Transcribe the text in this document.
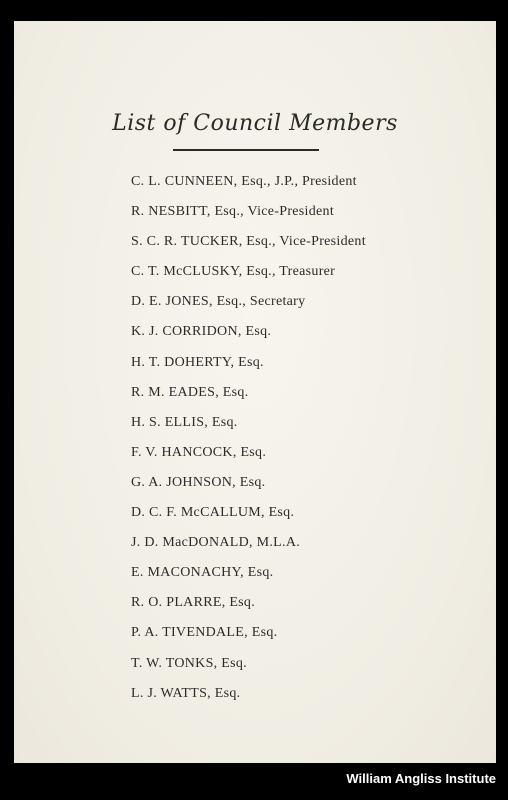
List of Council Members
C. L. CUNNEEN, Esq., J.P., President
R. NESBITT, Esq., Vice-President
S. C. R. TUCKER, Esq., Vice-President
C. T. McCLUSKY, Esq., Treasurer
D. E. JONES, Esq., Secretary
K. J. CORRIDON, Esq.
H. T. DOHERTY, Esq.
R. M. EADES, Esq.
H. S. ELLIS, Esq.
F. V. HANCOCK, Esq.
G. A. JOHNSON, Esq.
D. C. F. McCALLUM, Esq.
J. D. MacDONALD, M.L.A.
E. MACONACHY, Esq.
R. O. PLARRE, Esq.
P. A. TIVENDALE, Esq.
T. W. TONKS, Esq.
L. J. WATTS, Esq.
William Angliss Institute
